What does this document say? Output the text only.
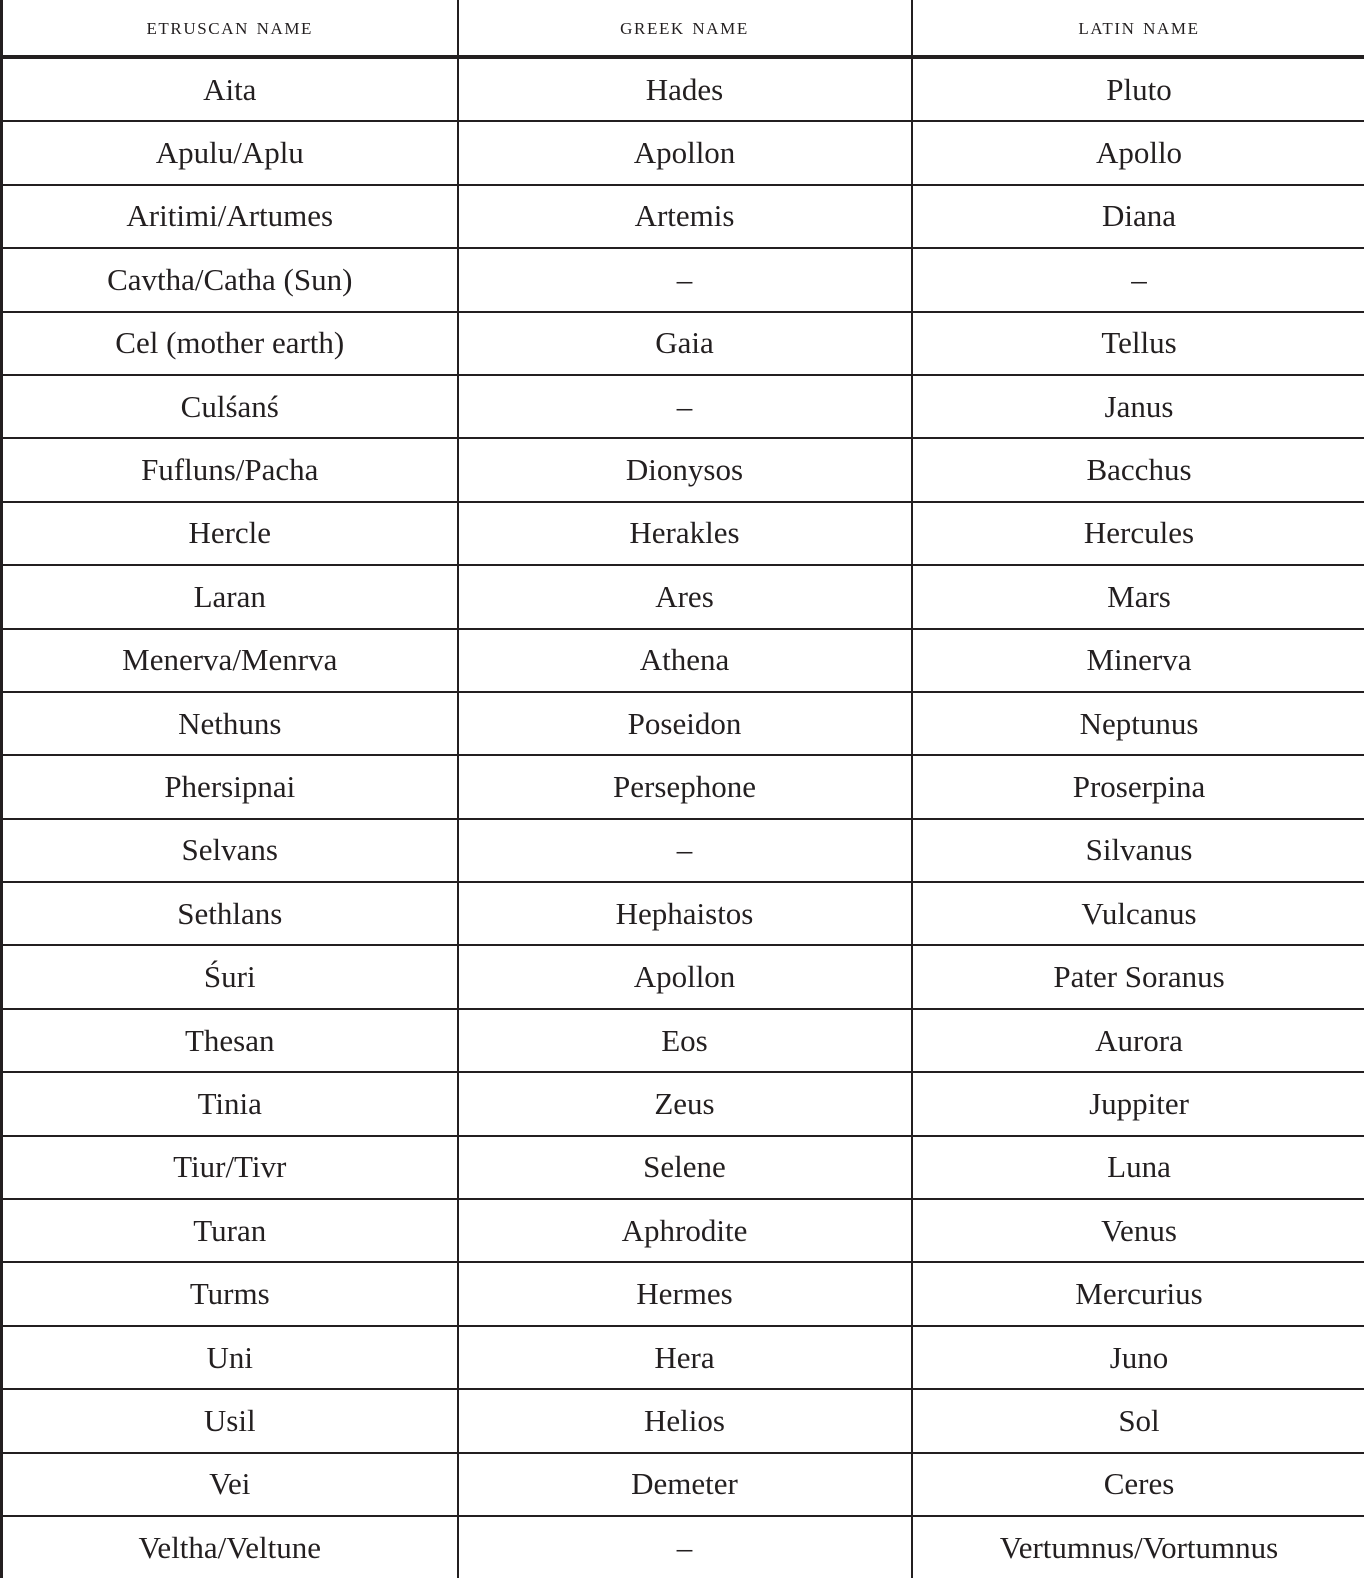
etruscan name	greek name	latin name
Aita	Hades	Pluto
Apulu/Aplu	Apollon	Apollo
Aritimi/Artumes	Artemis	Diana
Cavtha/Catha (Sun)	–	–
Cel (mother earth)	Gaia	Tellus
Culśanś	–	Janus
Fufluns/Pacha	Dionysos	Bacchus
Hercle	Herakles	Hercules
Laran	Ares	Mars
Menerva/Menrva	Athena	Minerva
Nethuns	Poseidon	Neptunus
Phersipnai	Persephone	Proserpina
Selvans	–	Silvanus
Sethlans	Hephaistos	Vulcanus
Śuri	Apollon	Pater Soranus
Thesan	Eos	Aurora
Tinia	Zeus	Juppiter
Tiur/Tivr	Selene	Luna
Turan	Aphrodite	Venus
Turms	Hermes	Mercurius
Uni	Hera	Juno
Usil	Helios	Sol
Vei	Demeter	Ceres
Veltha/Veltune	–	Vertumnus/Vortumnus
